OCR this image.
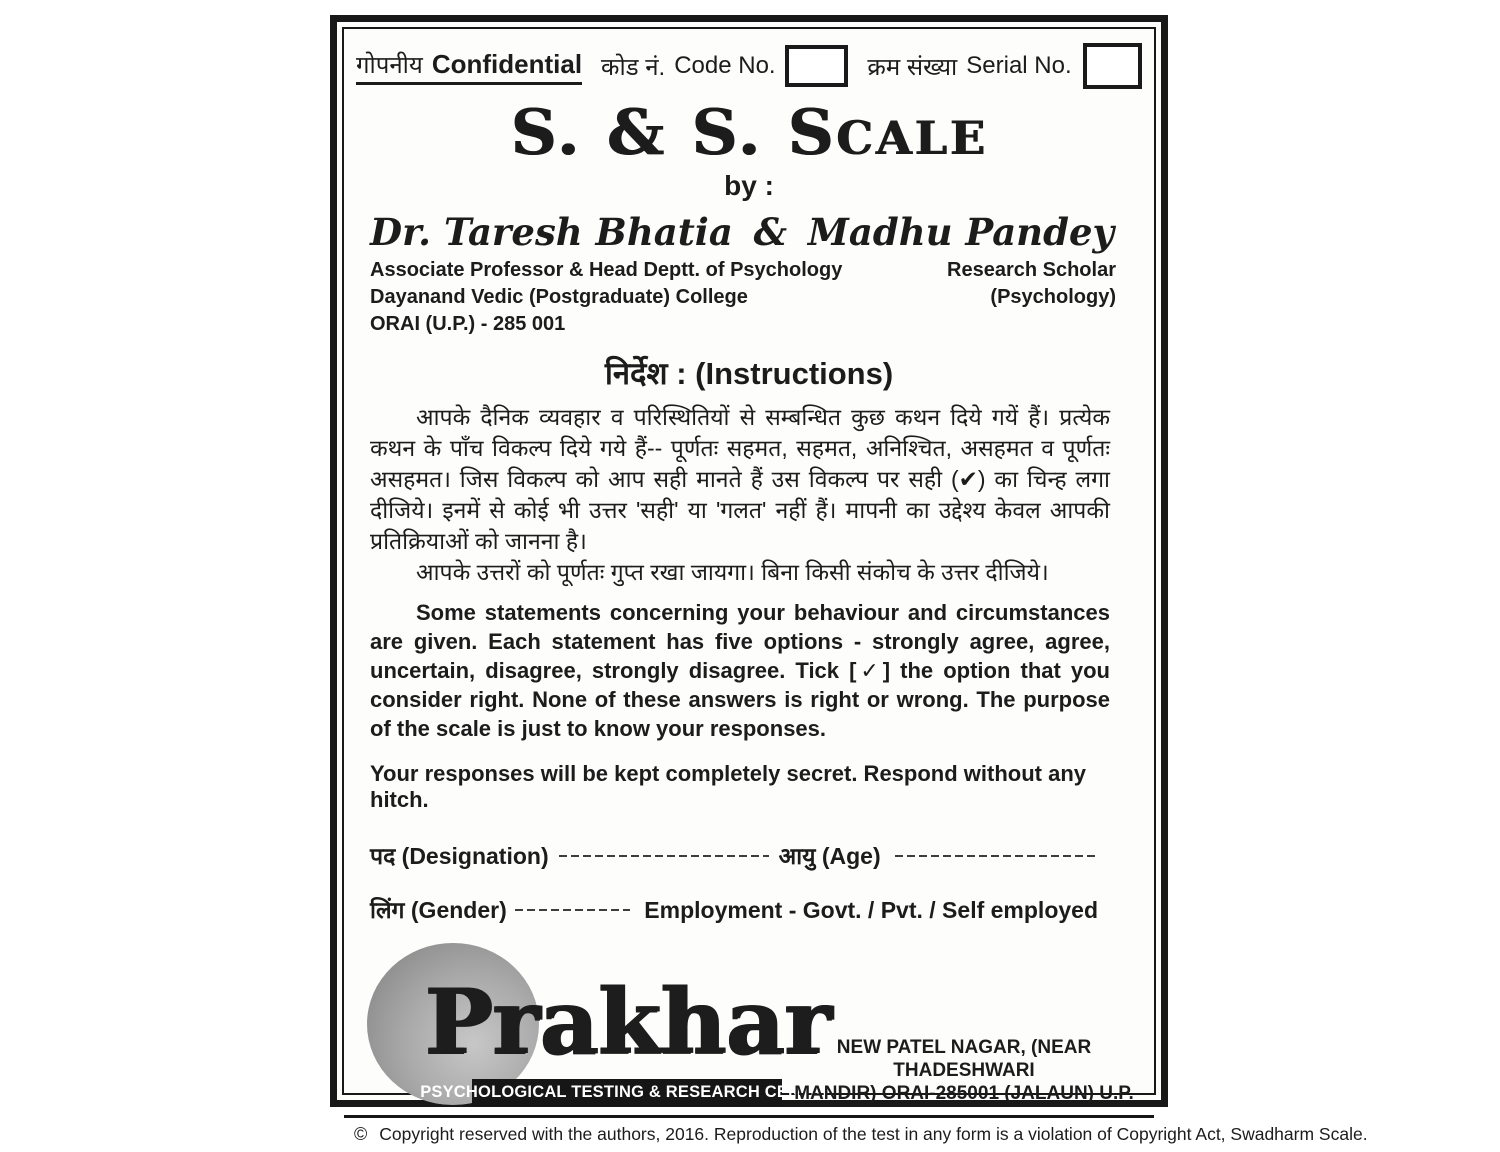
गोपनीय Confidential कोड नं. Code No.	क्रम संख्या Serial No.
S. & S. SCALE
by :
Dr. Taresh Bhatia & Madhu Pandey
Associate Professor & Head Deptt. of Psychology
Dayanand Vedic (Postgraduate) College
ORAI (U.P.) - 285 001
Research Scholar
(Psychology)
निर्देश : (Instructions)
आपके दैनिक व्यवहार व परिस्थितियों से सम्बन्धित कुछ कथन दिये गयें हैं। प्रत्येक कथन के पाँच विकल्प दिये गये हैं-- पूर्णतः सहमत, सहमत, अनिश्चित, असहमत व पूर्णतः असहमत। जिस विकल्प को आप सही मानते हैं उस विकल्प पर सही (✔) का चिन्ह लगा दीजिये। इनमें से कोई भी उत्तर 'सही' या 'गलत' नहीं हैं। मापनी का उद्देश्य केवल आपकी प्रतिक्रियाओं को जानना है।
आपके उत्तरों को पूर्णतः गुप्त रखा जायगा। बिना किसी संकोच के उत्तर दीजिये।
Some statements concerning your behaviour and circumstances are given. Each statement has five options - strongly agree, agree, uncertain, disagree, strongly disagree. Tick [✓] the option that you consider right. None of these answers is right or wrong. The purpose of the scale is just to know your responses.
Your responses will be kept completely secret. Respond without any hitch.
पद (Designation)	आयु (Age)
लिंग (Gender)	Employment - Govt. / Pvt. / Self employed
Prakhar
PSYCHOLOGICAL TESTING & RESEARCH CENTRE
NEW PATEL NAGAR, (NEAR THADESHWARI
MANDIR) ORAI-285001 (JALAUN) U.P.
© Copyright reserved with the authors, 2016. Reproduction of the test in any form is a violation of Copyright Act, Swadharm Scale.
